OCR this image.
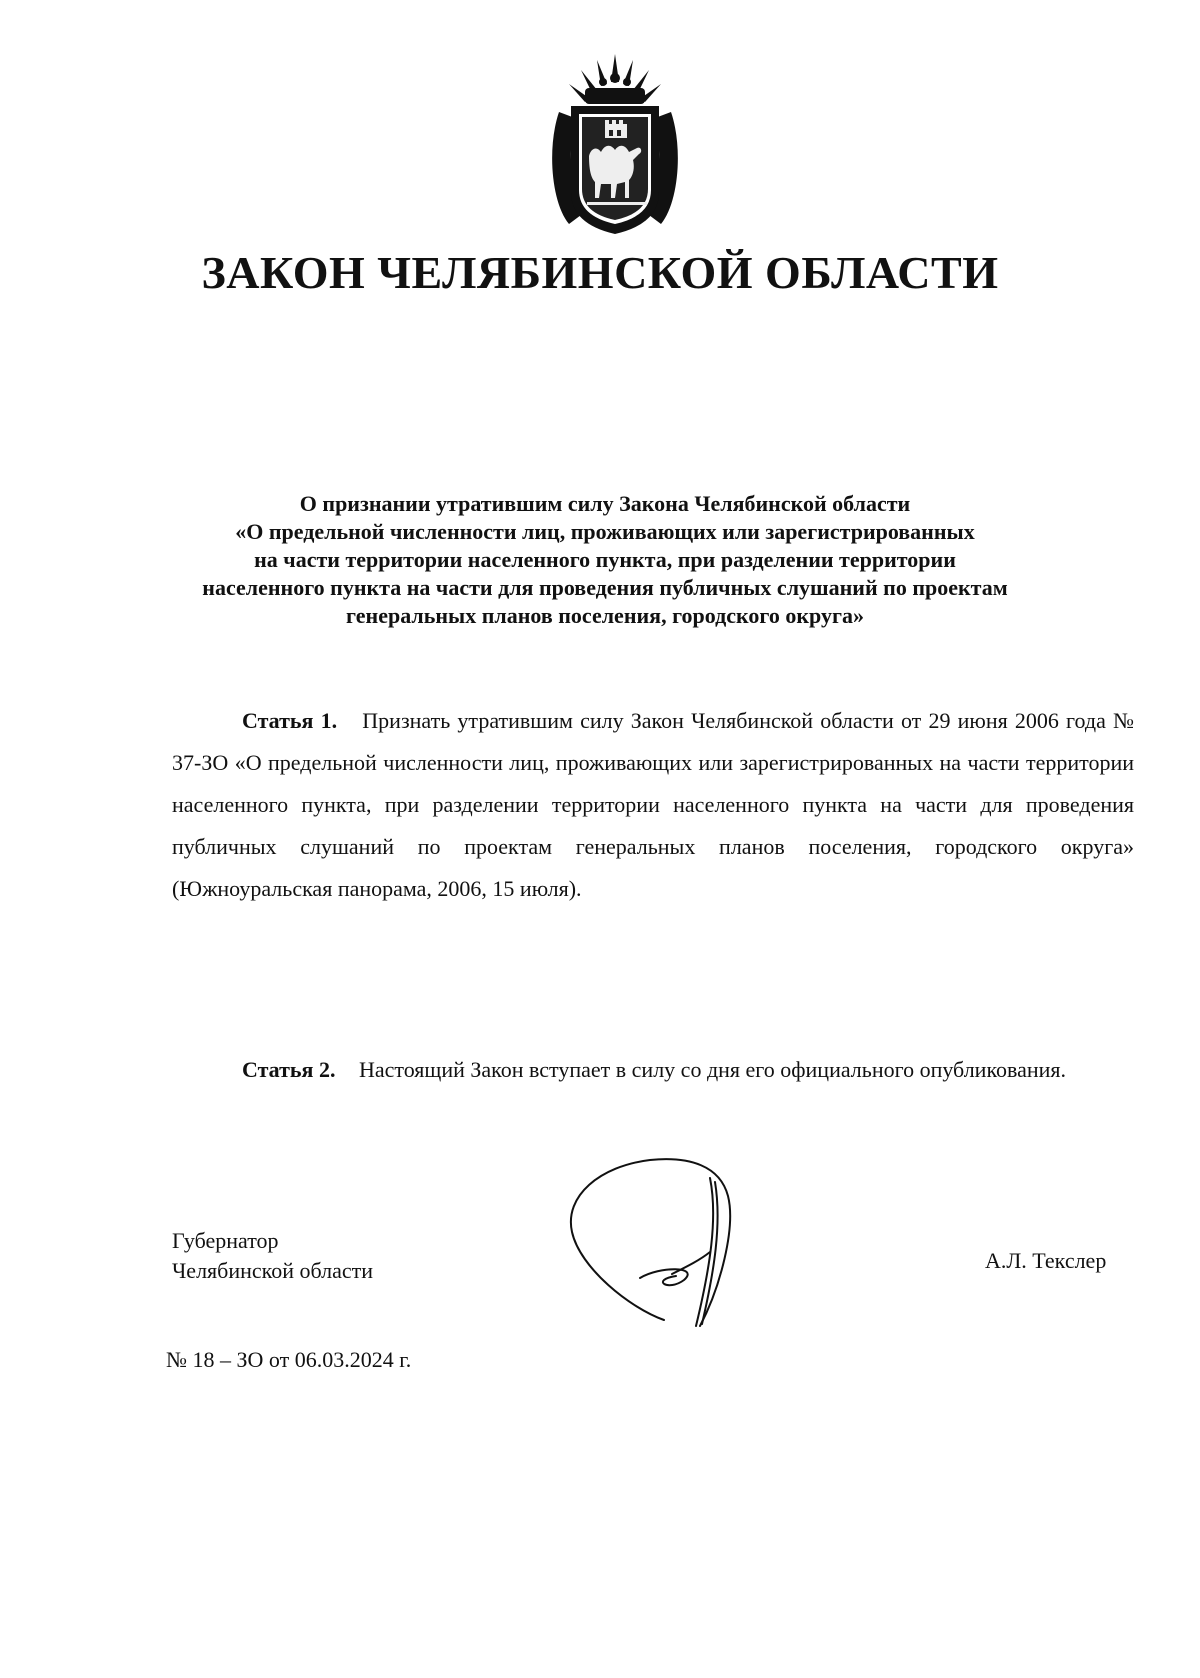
ЗАКОН ЧЕЛЯБИНСКОЙ ОБЛАСТИ
О признании утратившим силу Закона Челябинской области
«О предельной численности лиц, проживающих или зарегистрированных
на части территории населенного пункта, при разделении территории
населенного пункта на части для проведения публичных слушаний по проектам
генеральных планов поселения, городского округа»
Статья 1. Признать утратившим силу Закон Челябинской области от 29 июня 2006 года № 37-ЗО «О предельной численности лиц, проживающих или зарегистрированных на части территории населенного пункта, при разделении территории населенного пункта на части для проведения публичных слушаний по проектам генеральных планов поселения, городского округа» (Южноуральская панорама, 2006, 15 июля).
Статья 2. Настоящий Закон вступает в силу со дня его официального опубликования.
Губернатор
Челябинской области	А.Л. Текслер
№ 18 – ЗО от 06.03.2024 г.
